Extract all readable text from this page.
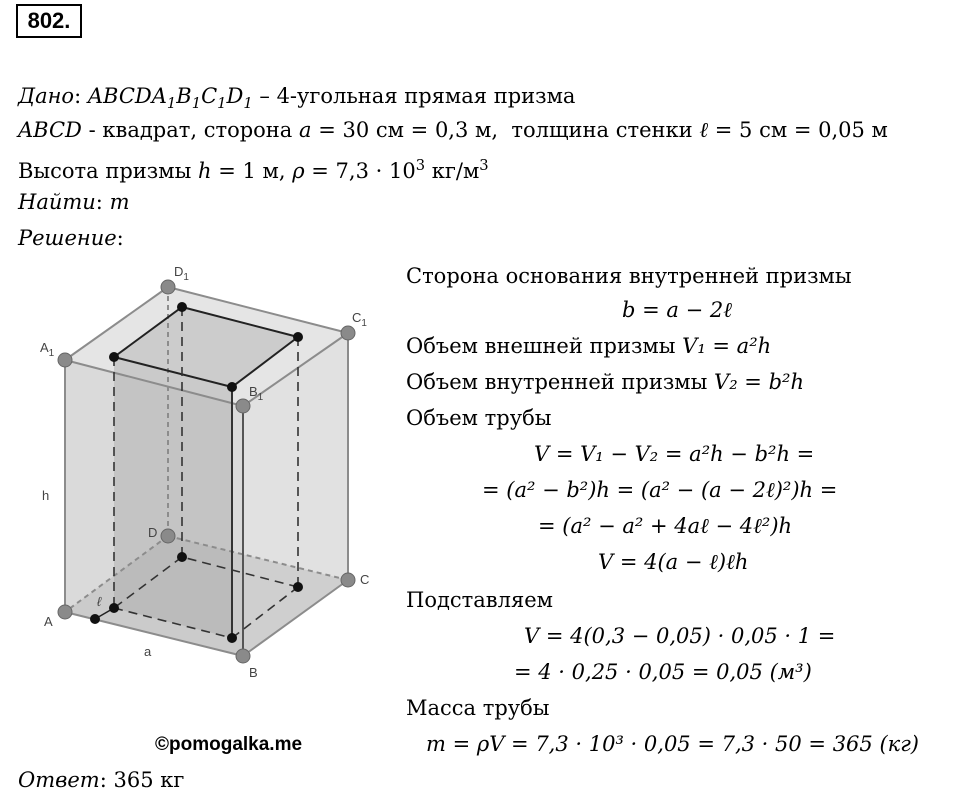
802.
Дано: $ABCDA_1B_1C_1D_1$ – 4-угольная прямая призма
ABCD - квадрат, сторона a = 30 см = 0,3 м, толщина стенки ℓ = 5 см = 0,05 м
Высота призмы h = 1 м, $\rho = 7,3 \cdot 10^3$ $кг/м^3$
Найти: m
Решение:
$A_1$
$D_1$
$C_1$
$B_1$
A
D
C
B
h
a
ℓ
©pomogalka.me
Сторона основания внутренней призмы
b = a − 2ℓ
Объем внешней призмы V₁ = a²h
Объем внутренней призмы V₂ = b²h
Объем трубы
V = V₁ − V₂ = a²h − b²h =
= (a² − b²)h = (a² − (a − 2ℓ)²)h =
= (a² − a² + 4aℓ − 4ℓ²)h
V = 4(a − ℓ)ℓh
Подставляем
V = 4(0,3 − 0,05) · 0,05 · 1 =
= 4 · 0,25 · 0,05 = 0,05 (м³)
Масса трубы
m = ρV = 7,3 · 10³ · 0,05 = 7,3 · 50 = 365 (кг)
Ответ: 365 кг
